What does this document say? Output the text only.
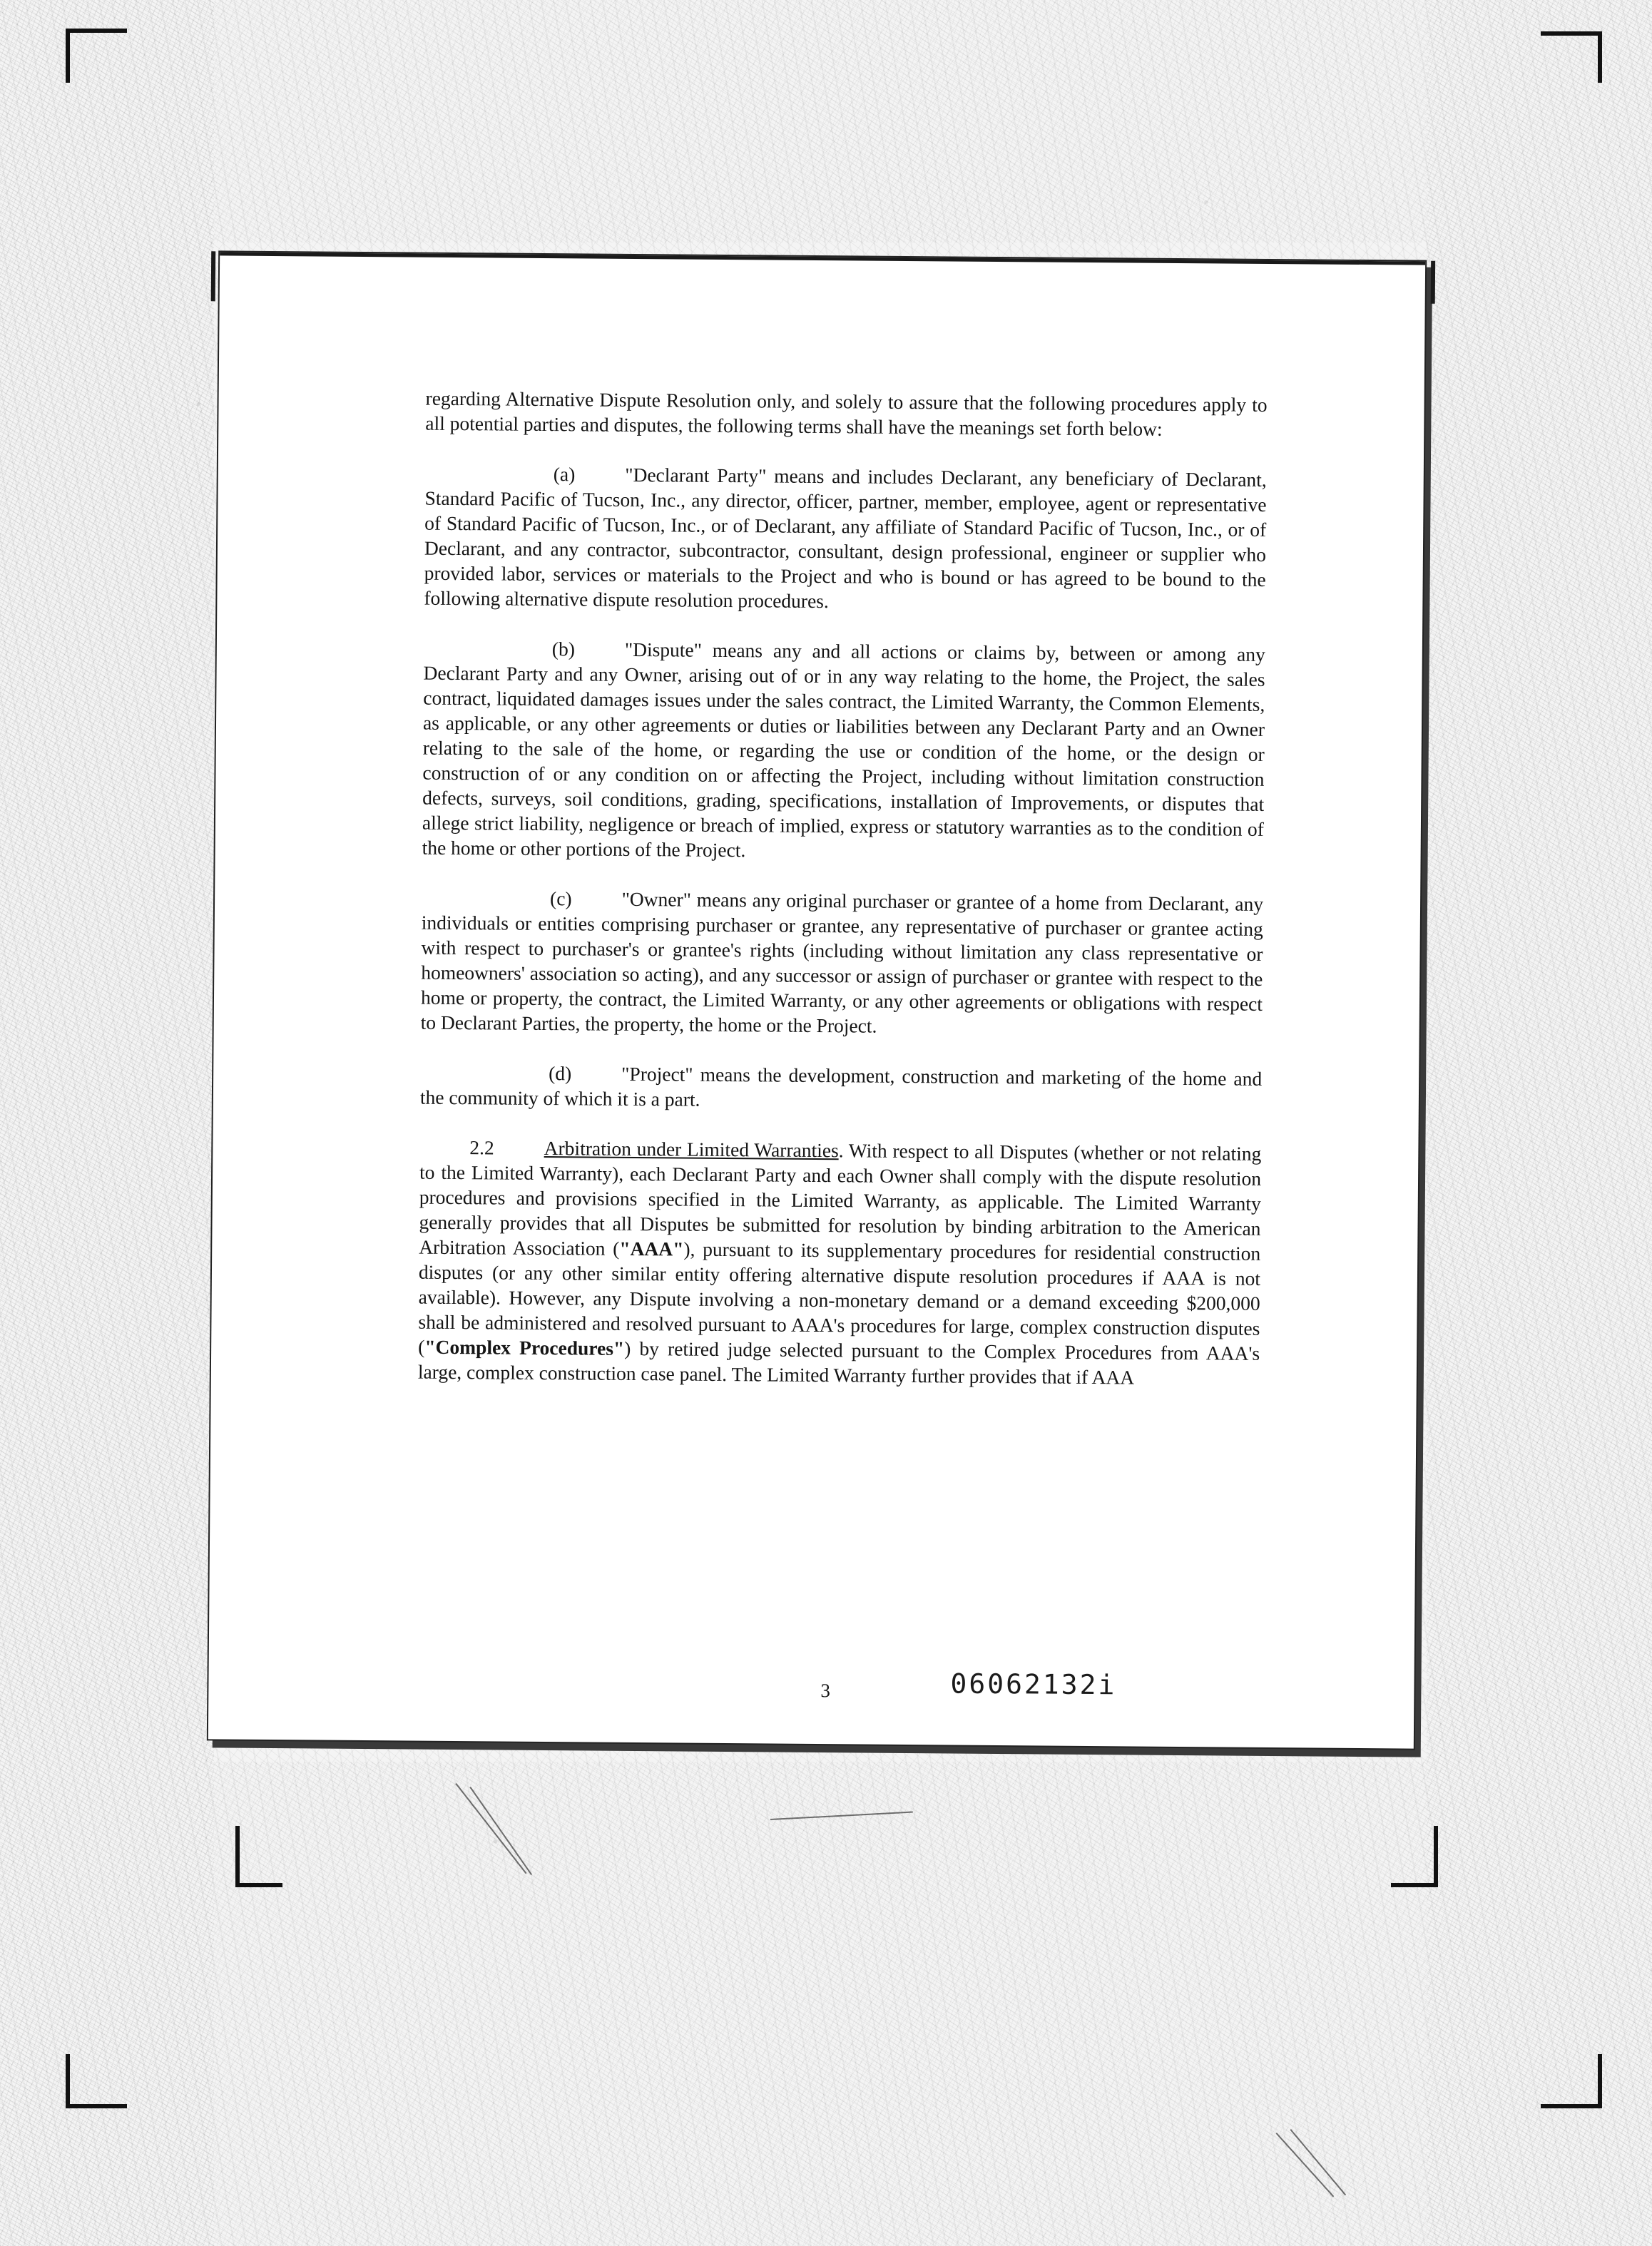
regarding Alternative Dispute Resolution only, and solely to assure that the following procedures apply to all potential parties and disputes, the following terms shall have the meanings set forth below:

(a)	"Declarant Party" means and includes Declarant, any beneficiary of Declarant, Standard Pacific of Tucson, Inc., any director, officer, partner, member, employee, agent or representative of Standard Pacific of Tucson, Inc., or of Declarant, any affiliate of Standard Pacific of Tucson, Inc., or of Declarant, and any contractor, subcontractor, consultant, design professional, engineer or supplier who provided labor, services or materials to the Project and who is bound or has agreed to be bound to the following alternative dispute resolution procedures.

(b)	"Dispute" means any and all actions or claims by, between or among any Declarant Party and any Owner, arising out of or in any way relating to the home, the Project, the sales contract, liquidated damages issues under the sales contract, the Limited Warranty, the Common Elements, as applicable, or any other agreements or duties or liabilities between any Declarant Party and an Owner relating to the sale of the home, or regarding the use or condition of the home, or the design or construction of or any condition on or affecting the Project, including without limitation construction defects, surveys, soil conditions, grading, specifications, installation of Improvements, or disputes that allege strict liability, negligence or breach of implied, express or statutory warranties as to the condition of the home or other portions of the Project.

(c)	"Owner" means any original purchaser or grantee of a home from Declarant, any individuals or entities comprising purchaser or grantee, any representative of purchaser or grantee acting with respect to purchaser's or grantee's rights (including without limitation any class representative or homeowners' association so acting), and any successor or assign of purchaser or grantee with respect to the home or property, the contract, the Limited Warranty, or any other agreements or obligations with respect to Declarant Parties, the property, the home or the Project.

(d)	"Project" means the development, construction and marketing of the home and the community of which it is a part.

2.2	Arbitration under Limited Warranties. With respect to all Disputes (whether or not relating to the Limited Warranty), each Declarant Party and each Owner shall comply with the dispute resolution procedures and provisions specified in the Limited Warranty, as applicable. The Limited Warranty generally provides that all Disputes be submitted for resolution by binding arbitration to the American Arbitration Association ("AAA"), pursuant to its supplementary procedures for residential construction disputes (or any other similar entity offering alternative dispute resolution procedures if AAA is not available). However, any Dispute involving a non-monetary demand or a demand exceeding $200,000 shall be administered and resolved pursuant to AAA's procedures for large, complex construction disputes ("Complex Procedures") by retired judge selected pursuant to the Complex Procedures from AAA's large, complex construction case panel. The Limited Warranty further provides that if AAA

3	06062132i
